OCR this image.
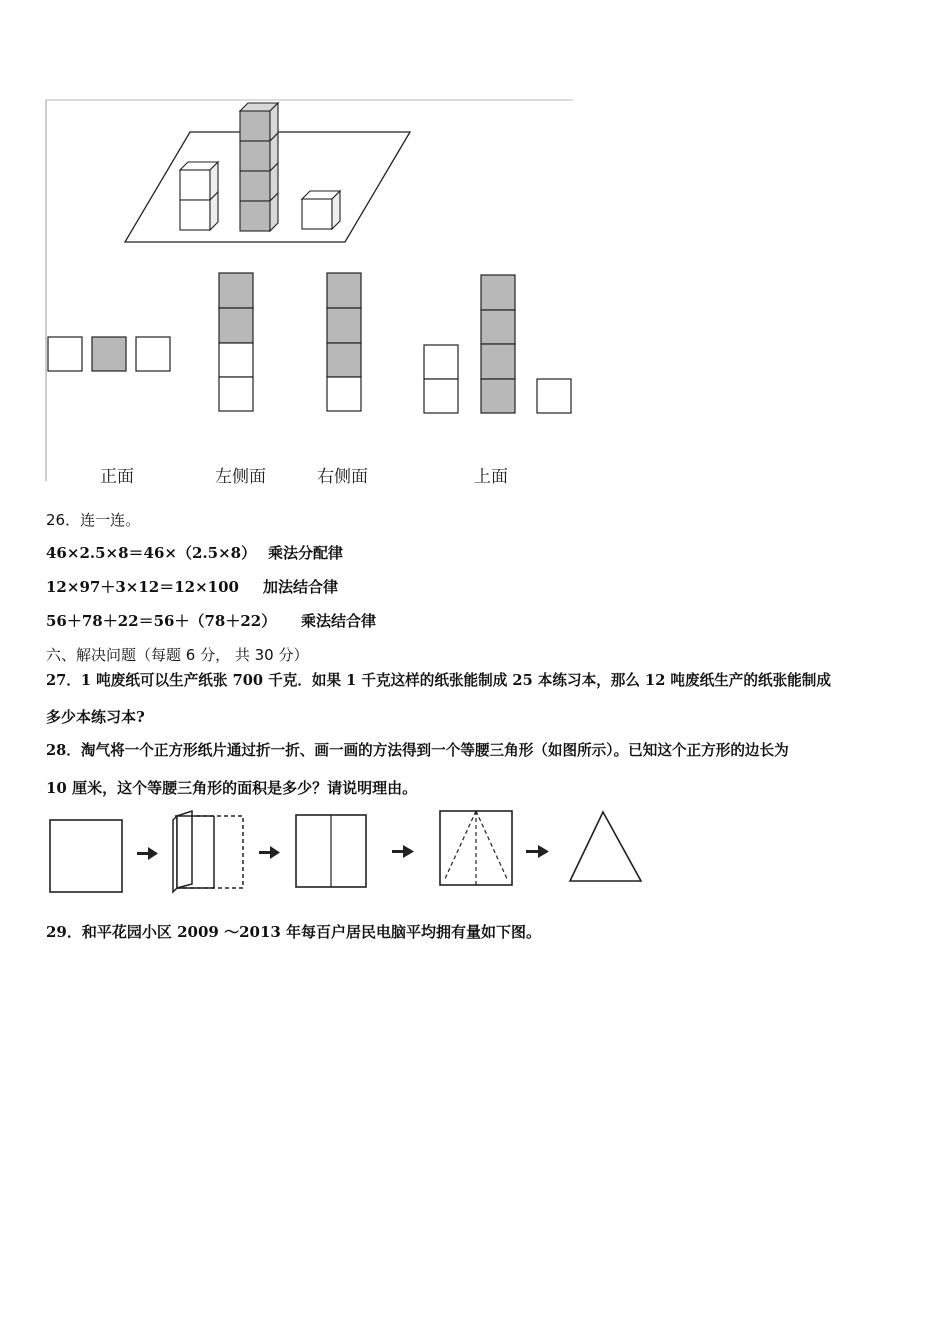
正面	左侧面	右侧面	上面
26．连一连。
46×2.5×8＝46×（2.5×8） 乘法分配律
12×97＋3×12＝12×100 加法结合律
56＋78＋22＝56＋（78＋22） 乘法结合律
六、解决问题（每题 6 分， 共 30 分）
27．1 吨废纸可以生产纸张 700 千克．如果 1 千克这样的纸张能制成 25 本练习本，那么 12 吨废纸生产的纸张能制成
多少本练习本?
28．淘气将一个正方形纸片通过折一折、画一画的方法得到一个等腰三角形（如图所示）。已知这个正方形的边长为
10 厘米，这个等腰三角形的面积是多少？请说明理由。
29．和平花园小区 2009 ～2013 年每百户居民电脑平均拥有量如下图。
